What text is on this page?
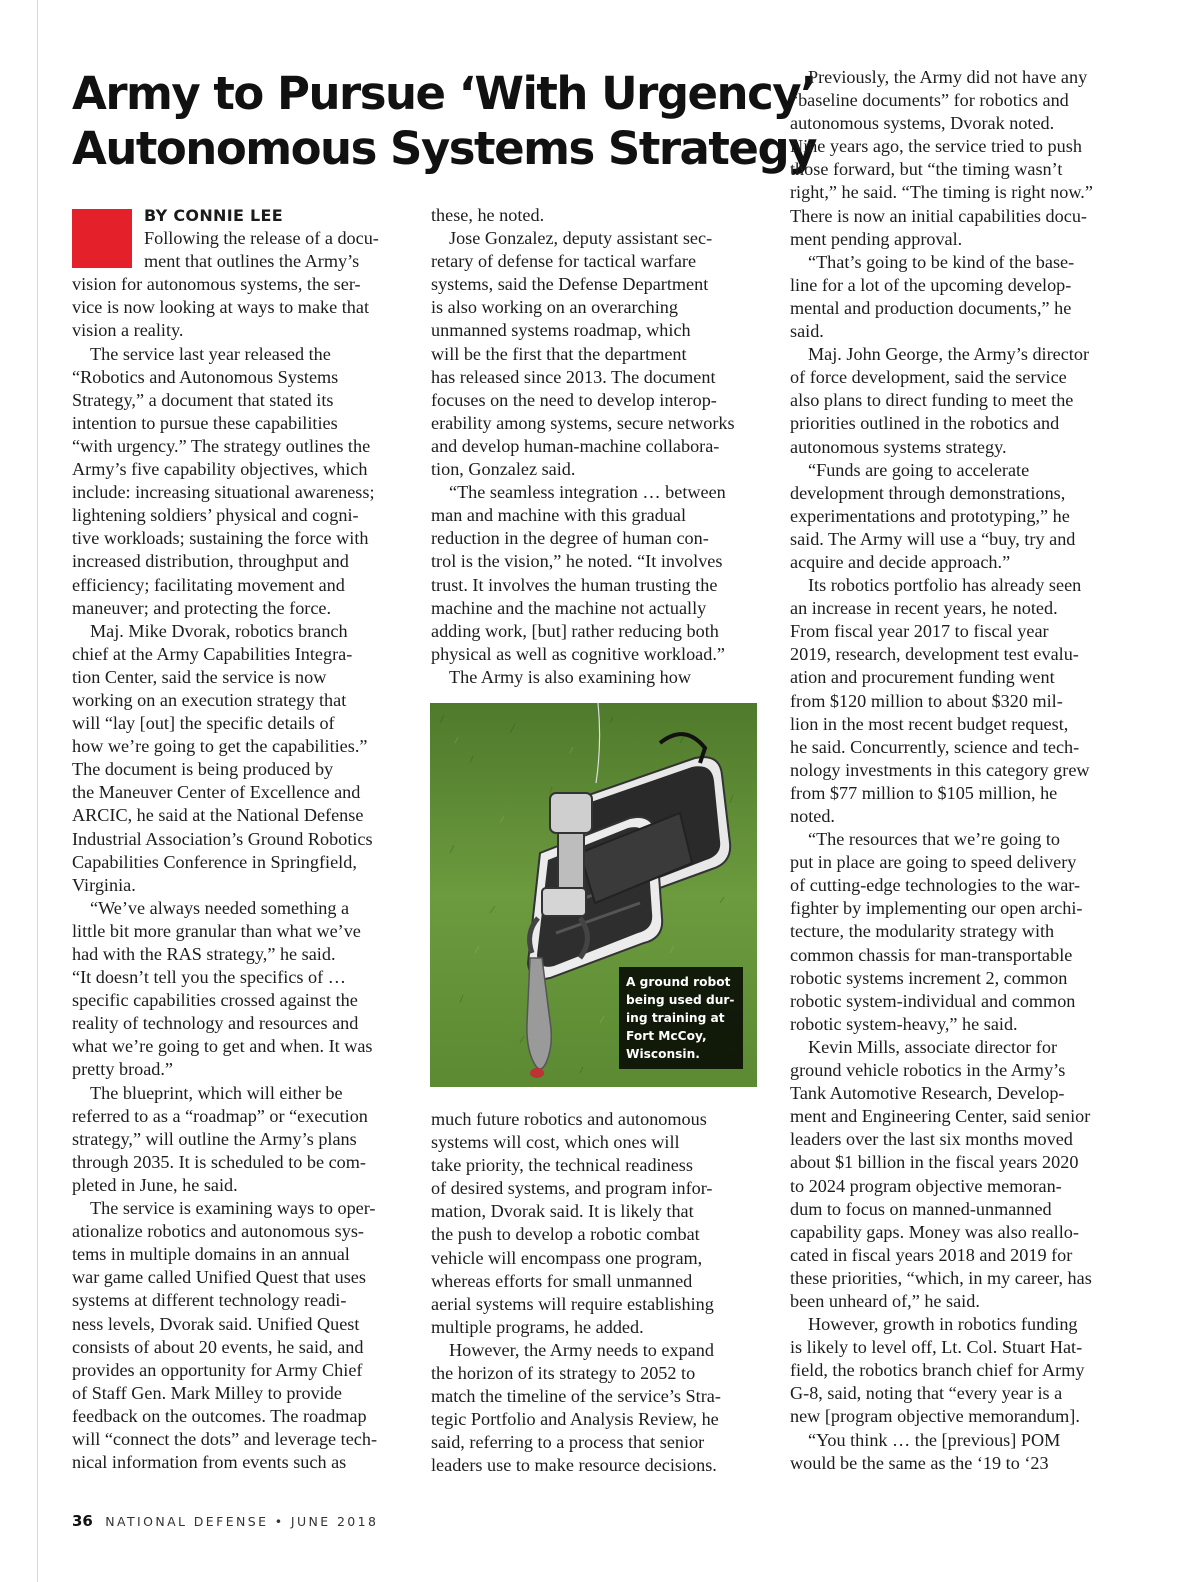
Army to Pursue ‘With Urgency’
Autonomous Systems Strategy
BY CONNIE LEE

Following the release of a docu-
ment that outlines the Army’s

vision for autonomous systems, the ser-
vice is now looking at ways to make that
vision a reality.

The service last year released the

“Robotics and Autonomous Systems
Strategy,” a document that stated its
intention to pursue these capabilities
“with urgency.” The strategy outlines the
Army’s five capability objectives, which
include: increasing situational awareness;
lightening soldiers’ physical and cogni-
tive workloads; sustaining the force with
increased distribution, throughput and
efficiency; facilitating movement and
maneuver; and protecting the force.

Maj. Mike Dvorak, robotics branch

chief at the Army Capabilities Integra-
tion Center, said the service is now
working on an execution strategy that
will “lay [out] the specific details of
how we’re going to get the capabilities.”
The document is being produced by
the Maneuver Center of Excellence and
ARCIC, he said at the National Defense
Industrial Association’s Ground Robotics
Capabilities Conference in Springfield,
Virginia.

“We’ve always needed something a

little bit more granular than what we’ve
had with the RAS strategy,” he said.
“It doesn’t tell you the specifics of …
specific capabilities crossed against the
reality of technology and resources and
what we’re going to get and when. It was
pretty broad.”

The blueprint, which will either be

referred to as a “roadmap” or “execution
strategy,” will outline the Army’s plans
through 2035. It is scheduled to be com-
pleted in June, he said.

The service is examining ways to oper-

ationalize robotics and autonomous sys-
tems in multiple domains in an annual
war game called Unified Quest that uses
systems at different technology readi-
ness levels, Dvorak said. Unified Quest
consists of about 20 events, he said, and
provides an opportunity for Army Chief
of Staff Gen. Mark Milley to provide
feedback on the outcomes. The roadmap
will “connect the dots” and leverage tech-
nical information from events such as

these, he noted.

Jose Gonzalez, deputy assistant sec-

retary of defense for tactical warfare
systems, said the Defense Department
is also working on an overarching
unmanned systems roadmap, which
will be the first that the department
has released since 2013. The document
focuses on the need to develop interop-
erability among systems, secure networks
and develop human-machine collabora-
tion, Gonzalez said.

“The seamless integration … between

man and machine with this gradual
reduction in the degree of human con-
trol is the vision,” he noted. “It involves
trust. It involves the human trusting the
machine and the machine not actually
adding work, [but] rather reducing both
physical as well as cognitive workload.”

The Army is also examining how

A ground robot
being used dur-
ing training at
Fort McCoy,
Wisconsin.

much future robotics and autonomous
systems will cost, which ones will
take priority, the technical readiness
of desired systems, and program infor-
mation, Dvorak said. It is likely that
the push to develop a robotic combat
vehicle will encompass one program,
whereas efforts for small unmanned
aerial systems will require establishing
multiple programs, he added.

However, the Army needs to expand

the horizon of its strategy to 2052 to
match the timeline of the service’s Stra-
tegic Portfolio and Analysis Review, he
said, referring to a process that senior
leaders use to make resource decisions.

Previously, the Army did not have any

“baseline documents” for robotics and
autonomous systems, Dvorak noted.
Nine years ago, the service tried to push
those forward, but “the timing wasn’t
right,” he said. “The timing is right now.”
There is now an initial capabilities docu-
ment pending approval.

“That’s going to be kind of the base-

line for a lot of the upcoming develop-
mental and production documents,” he
said.

Maj. John George, the Army’s director

of force development, said the service
also plans to direct funding to meet the
priorities outlined in the robotics and
autonomous systems strategy.

“Funds are going to accelerate

development through demonstrations,
experimentations and prototyping,” he
said. The Army will use a “buy, try and
acquire and decide approach.”

Its robotics portfolio has already seen

an increase in recent years, he noted.
From fiscal year 2017 to fiscal year
2019, research, development test evalu-
ation and procurement funding went
from $120 million to about $320 mil-
lion in the most recent budget request,
he said. Concurrently, science and tech-
nology investments in this category grew
from $77 million to $105 million, he
noted.

“The resources that we’re going to

put in place are going to speed delivery
of cutting-edge technologies to the war-
fighter by implementing our open archi-
tecture, the modularity strategy with
common chassis for man-transportable
robotic systems increment 2, common
robotic system-individual and common
robotic system-heavy,” he said.

Kevin Mills, associate director for

ground vehicle robotics in the Army’s
Tank Automotive Research, Develop-
ment and Engineering Center, said senior
leaders over the last six months moved
about $1 billion in the fiscal years 2020
to 2024 program objective memoran-
dum to focus on manned-unmanned
capability gaps. Money was also reallo-
cated in fiscal years 2018 and 2019 for
these priorities, “which, in my career, has
been unheard of,” he said.

However, growth in robotics funding

is likely to level off, Lt. Col. Stuart Hat-
field, the robotics branch chief for Army
G-8, said, noting that “every year is a
new [program objective memorandum].

“You think … the [previous] POM

would be the same as the ‘19 to ‘23

36 NATIONAL DEFENSE • JUNE 2018
